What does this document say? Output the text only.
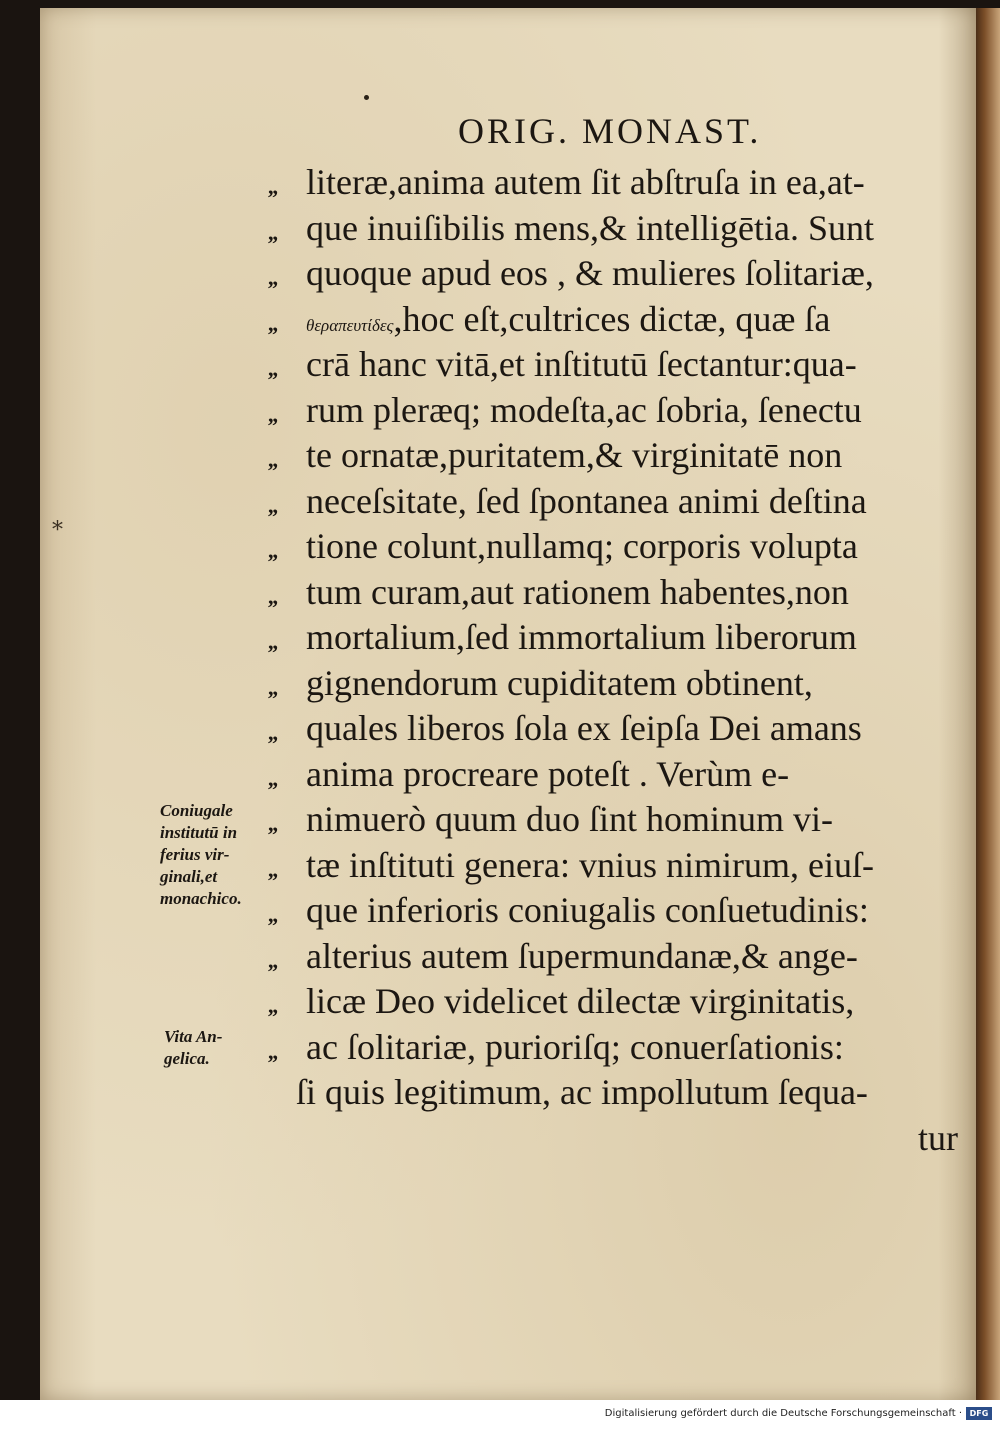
ORIG. MONAST.
*
,, literæ,anima autem ſit abſtruſa in ea,at-
,, que inuiſibilis mens,& intelligētia. Sunt
,, quoque apud eos , & mulieres ſolitariæ,
,, θεραπευτίδες,hoc eſt,cultrices dictæ, quæ ſa
,, crā hanc vitā,et inſtitutū ſectantur:qua-
,, rum pleræq; modeſta,ac ſobria, ſenectu
,, te ornatæ,puritatem,& virginitatē non
,, neceſsitate, ſed ſpontanea animi deſtina
,, tione colunt,nullamq; corporis volupta
,, tum curam,aut rationem habentes,non
,, mortalium,ſed immortalium liberorum
,, gignendorum cupiditatem obtinent,
,, quales liberos ſola ex ſeipſa Dei amans
,, anima procreare poteſt . Verùm e-
,, nimuerò quum duo ſint hominum vi-
,, tæ inſtituti genera: vnius nimirum, eiuſ-
,, que inferioris coniugalis conſuetudinis:
,, alterius autem ſupermundanæ,& ange-
,, licæ Deo videlicet dilectæ virginitatis,
,, ac ſolitariæ, purioriſq; conuerſationis:
ſi quis legitimum, ac impollutum ſequa-
tur
Coniugale
institutū in
ferius vir-
ginali,et
monachico.
Vita An-
gelica.
Digitalisierung gefördert durch die Deutsche Forschungsgemeinschaft · DFG
